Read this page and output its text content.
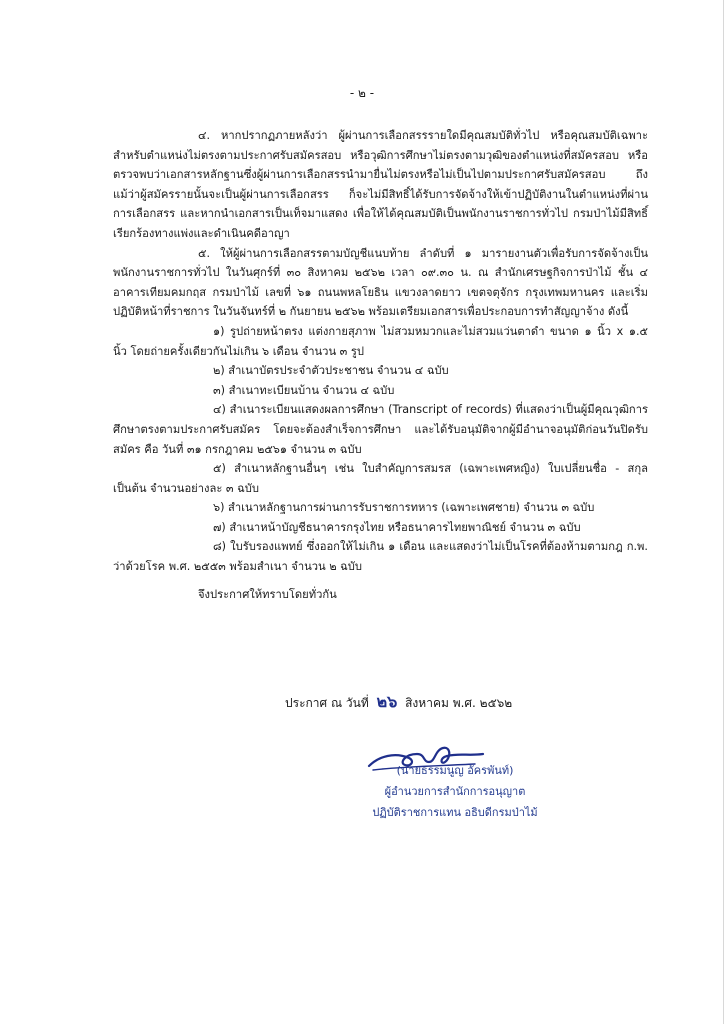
- ๒ -

๔. หากปรากฏภายหลังว่า ผู้ผ่านการเลือกสรรรายใดมีคุณสมบัติทั่วไป หรือคุณสมบัติเฉพาะสำหรับตำแหน่งไม่ตรงตามประกาศรับสมัครสอบ หรือวุฒิการศึกษาไม่ตรงตามวุฒิของตำแหน่งที่สมัครสอบ หรือตรวจพบว่าเอกสารหลักฐานซึ่งผู้ผ่านการเลือกสรรนำมายื่นไม่ตรงหรือไม่เป็นไปตามประกาศรับสมัครสอบ ถึงแม้ว่าผู้สมัครรายนั้นจะเป็นผู้ผ่านการเลือกสรร ก็จะไม่มีสิทธิ์ได้รับการจัดจ้างให้เข้าปฏิบัติงานในตำแหน่งที่ผ่านการเลือกสรร และหากนำเอกสารเป็นเท็จมาแสดง เพื่อให้ได้คุณสมบัติเป็นพนักงานราชการทั่วไป กรมป่าไม้มีสิทธิ์เรียกร้องทางแพ่งและดำเนินคดีอาญา

๕. ให้ผู้ผ่านการเลือกสรรตามบัญชีแนบท้าย ลำดับที่ ๑ มารายงานตัวเพื่อรับการจัดจ้างเป็นพนักงานราชการทั่วไป ในวันศุกร์ที่ ๓๐ สิงหาคม ๒๕๖๒ เวลา ๐๙.๓๐ น. ณ สำนักเศรษฐกิจการป่าไม้ ชั้น ๔ อาคารเทียมคมกฤส กรมป่าไม้ เลขที่ ๖๑ ถนนพหลโยธิน แขวงลาดยาว เขตจตุจักร กรุงเทพมหานคร และเริ่มปฏิบัติหน้าที่ราชการ ในวันจันทร์ที่ ๒ กันยายน ๒๕๖๒ พร้อมเตรียมเอกสารเพื่อประกอบการทำสัญญาจ้าง ดังนี้

๑) รูปถ่ายหน้าตรง แต่งกายสุภาพ ไม่สวมหมวกและไม่สวมแว่นตาดำ ขนาด ๑ นิ้ว x ๑.๕ นิ้ว โดยถ่ายครั้งเดียวกันไม่เกิน ๖ เดือน จำนวน ๓ รูป

๒) สำเนาบัตรประจำตัวประชาชน จำนวน ๔ ฉบับ

๓) สำเนาทะเบียนบ้าน จำนวน ๔ ฉบับ

๔) สำเนาระเบียนแสดงผลการศึกษา (Transcript of records) ที่แสดงว่าเป็นผู้มีคุณวุฒิการศึกษาตรงตามประกาศรับสมัคร โดยจะต้องสำเร็จการศึกษา และได้รับอนุมัติจากผู้มีอำนาจอนุมัติก่อนวันปิดรับสมัคร คือ วันที่ ๓๑ กรกฎาคม ๒๕๖๑ จำนวน ๓ ฉบับ

๕) สำเนาหลักฐานอื่นๆ เช่น ใบสำคัญการสมรส (เฉพาะเพศหญิง) ใบเปลี่ยนชื่อ - สกุล เป็นต้น จำนวนอย่างละ ๓ ฉบับ

๖) สำเนาหลักฐานการผ่านการรับราชการทหาร (เฉพาะเพศชาย) จำนวน ๓ ฉบับ

๗) สำเนาหน้าบัญชีธนาคารกรุงไทย หรือธนาคารไทยพาณิชย์ จำนวน ๓ ฉบับ

๘) ใบรับรองแพทย์ ซึ่งออกให้ไม่เกิน ๑ เดือน และแสดงว่าไม่เป็นโรคที่ต้องห้ามตามกฎ ก.พ. ว่าด้วยโรค พ.ศ. ๒๕๕๓ พร้อมสำเนา จำนวน ๒ ฉบับ

จึงประกาศให้ทราบโดยทั่วกัน

ประกาศ ณ วันที่ ๒๖ สิงหาคม พ.ศ. ๒๕๖๒
(นายธรรมนูญ อัครพันท์)
ผู้อำนวยการสำนักการอนุญาต
ปฏิบัติราชการแทน อธิบดีกรมป่าไม้
